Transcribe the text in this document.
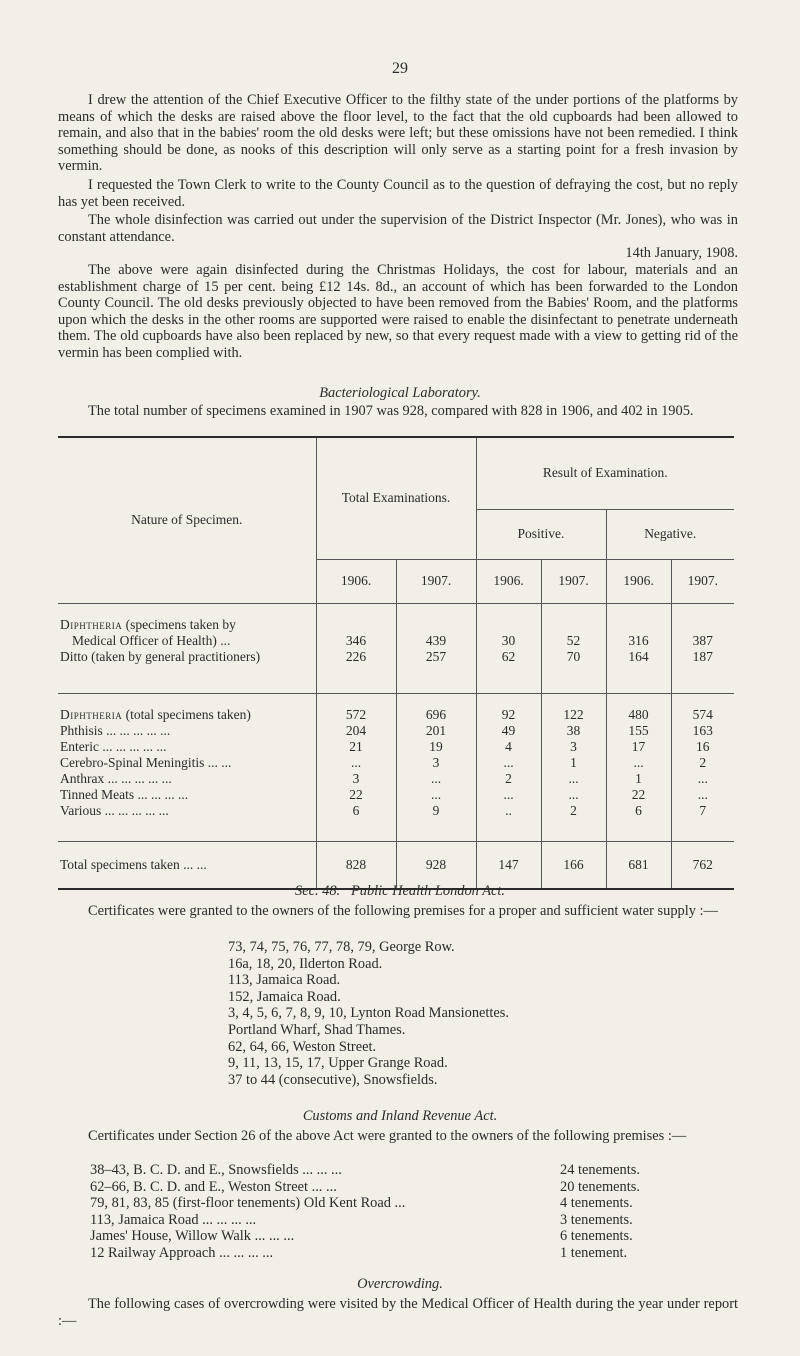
29

I drew the attention of the Chief Executive Officer to the filthy state of the under portions of the platforms by means of which the desks are raised above the floor level, to the fact that the old cupboards had been allowed to remain, and also that in the babies' room the old desks were left; but these omissions have not been remedied. I think something should be done, as nooks of this description will only serve as a starting point for a fresh invasion by vermin.

I requested the Town Clerk to write to the County Council as to the question of defraying the cost, but no reply has yet been received.

The whole disinfection was carried out under the supervision of the District Inspector (Mr. Jones), who was in constant attendance.

14th January, 1908.

The above were again disinfected during the Christmas Holidays, the cost for labour, materials and an establishment charge of 15 per cent. being £12 14s. 8d., an account of which has been forwarded to the London County Council. The old desks previously objected to have been removed from the Babies' Room, and the platforms upon which the desks in the other rooms are supported were raised to enable the disinfectant to penetrate underneath them. The old cupboards have also been replaced by new, so that every request made with a view to getting rid of the vermin has been complied with.

Bacteriological Laboratory.

The total number of specimens examined in 1907 was 928, compared with 828 in 1906, and 402 in 1905.

Nature of Specimen.	Total Examinations.		Result of Examination.			
			Positive.		Negative.	
	1906.	1907.	1906.	1907.	1906.	1907.

Diphtheria (specimens taken by						
Medical Officer of Health) ...	346	439	30	52	316	387
Ditto (taken by general practitioners)	226	257	62	70	164	187

Diphtheria (total specimens taken)	572	696	92	122	480	574
Phthisis ... ... ... ... ...	204	201	49	38	155	163
Enteric ... ... ... ... ...	21	19	4	3	17	16
Cerebro-Spinal Meningitis ... ...	...	3	...	1	...	2
Anthrax ... ... ... ... ...	3	...	2	...	1	...
Tinned Meats ... ... ... ...	22	...	...	...	22	...
Various ... ... ... ... ...	6	9	..	2	6	7

Total specimens taken ... ...	828	928	147	166	681	762
Sec. 48. Public Health London Act.

Certificates were granted to the owners of the following premises for a proper and sufficient water supply :—

73, 74, 75, 76, 77, 78, 79, George Row.
16a, 18, 20, Ilderton Road.
113, Jamaica Road.
152, Jamaica Road.
3, 4, 5, 6, 7, 8, 9, 10, Lynton Road Mansionettes.
Portland Wharf, Shad Thames.
62, 64, 66, Weston Street.
9, 11, 13, 15, 17, Upper Grange Road.
37 to 44 (consecutive), Snowsfields.
Customs and Inland Revenue Act.

Certificates under Section 26 of the above Act were granted to the owners of the following premises :—

38–43, B. C. D. and E., Snowsfields ... ... ...	24 tenements.
62–66, B. C. D. and E., Weston Street ... ...	20 tenements.
79, 81, 83, 85 (first-floor tenements) Old Kent Road ...	4 tenements.
113, Jamaica Road ... ... ... ...	3 tenements.
James' House, Willow Walk ... ... ...	6 tenements.
12 Railway Approach ... ... ... ...	1 tenement.
Overcrowding.

The following cases of overcrowding were visited by the Medical Officer of Health during the year under report :—
